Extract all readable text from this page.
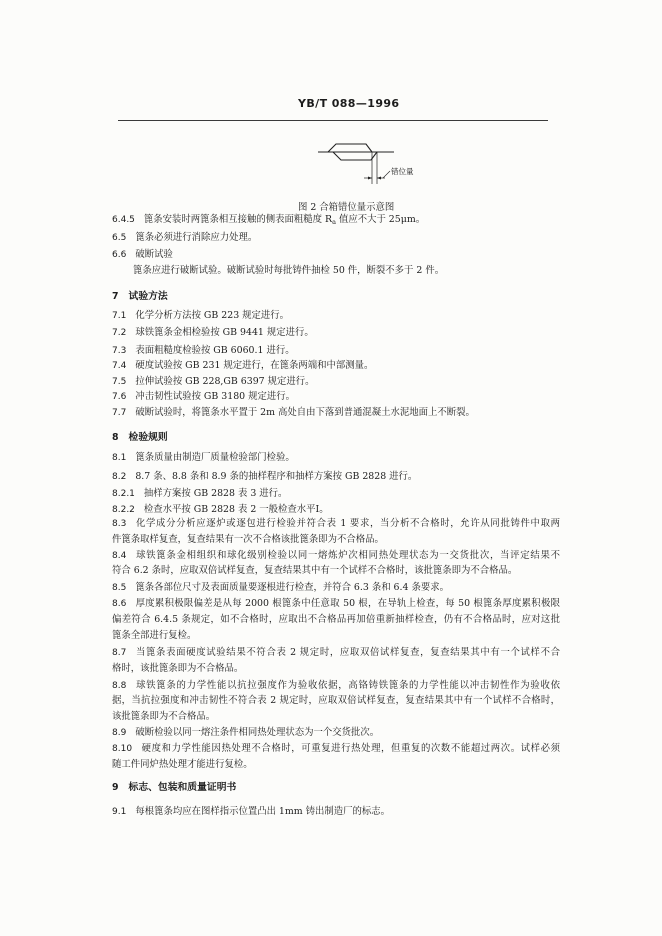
YB/T 088—1996
错位量
图 2 合箱错位量示意图
6.4.5 篦条安装时两篦条相互接触的侧表面粗糙度 $R_a$ 值应不大于 25μm。
6.5 篦条必须进行消除应力处理。
6.6 破断试验
篦条应进行破断试验。破断试验时每批铸件抽检 50 件，断裂不多于 2 件。
7 试验方法
7.1 化学分析方法按 GB 223 规定进行。
7.2 球铁篦条金相检验按 GB 9441 规定进行。
7.3 表面粗糙度检验按 GB 6060.1 进行。
7.4 硬度试验按 GB 231 规定进行，在篦条两端和中部测量。
7.5 拉伸试验按 GB 228,GB 6397 规定进行。
7.6 冲击韧性试验按 GB 3180 规定进行。
7.7 破断试验时，将篦条水平置于 2m 高处自由下落到普通混凝土水泥地面上不断裂。
8 检验规则
8.1 篦条质量由制造厂质量检验部门检验。
8.2 8.7 条、8.8 条和 8.9 条的抽样程序和抽样方案按 GB 2828 进行。
8.2.1 抽样方案按 GB 2828 表 3 进行。
8.2.2 检查水平按 GB 2828 表 2 一般检查水平Ⅰ。
8.3 化学成分分析应逐炉或逐包进行检验并符合表 1 要求，当分析不合格时，允许从同批铸件中取两
件篦条取样复查，复查结果有一次不合格该批篦条即为不合格品。
8.4 球铁篦条金相组织和球化级别检验以同一熔炼炉次相同热处理状态为一交货批次，当评定结果不
符合 6.2 条时，应取双倍试样复查，复查结果其中有一个试样不合格时，该批篦条即为不合格品。
8.5 篦条各部位尺寸及表面质量要逐根进行检查，并符合 6.3 条和 6.4 条要求。
8.6 厚度累积极限偏差是从每 2000 根篦条中任意取 50 根，在导轨上检查，每 50 根篦条厚度累积极限
偏差符合 6.4.5 条规定，如不合格时，应取出不合格品再加倍重新抽样检查，仍有不合格品时，应对这批
篦条全部进行复检。
8.7 当篦条表面硬度试验结果不符合表 2 规定时，应取双倍试样复查，复查结果其中有一个试样不合
格时，该批篦条即为不合格品。
8.8 球铁篦条的力学性能以抗拉强度作为验收依据，高铬铸铁篦条的力学性能以冲击韧性作为验收依
据，当抗拉强度和冲击韧性不符合表 2 规定时，应取双倍试样复查，复查结果其中有一个试样不合格时，
该批篦条即为不合格品。
8.9 破断检验以同一熔注条件相同热处理状态为一个交货批次。
8.10 硬度和力学性能因热处理不合格时，可重复进行热处理，但重复的次数不能超过两次。试样必须
随工件同炉热处理才能进行复检。
9 标志、包装和质量证明书
9.1 每根篦条均应在图样指示位置凸出 1mm 铸出制造厂的标志。
